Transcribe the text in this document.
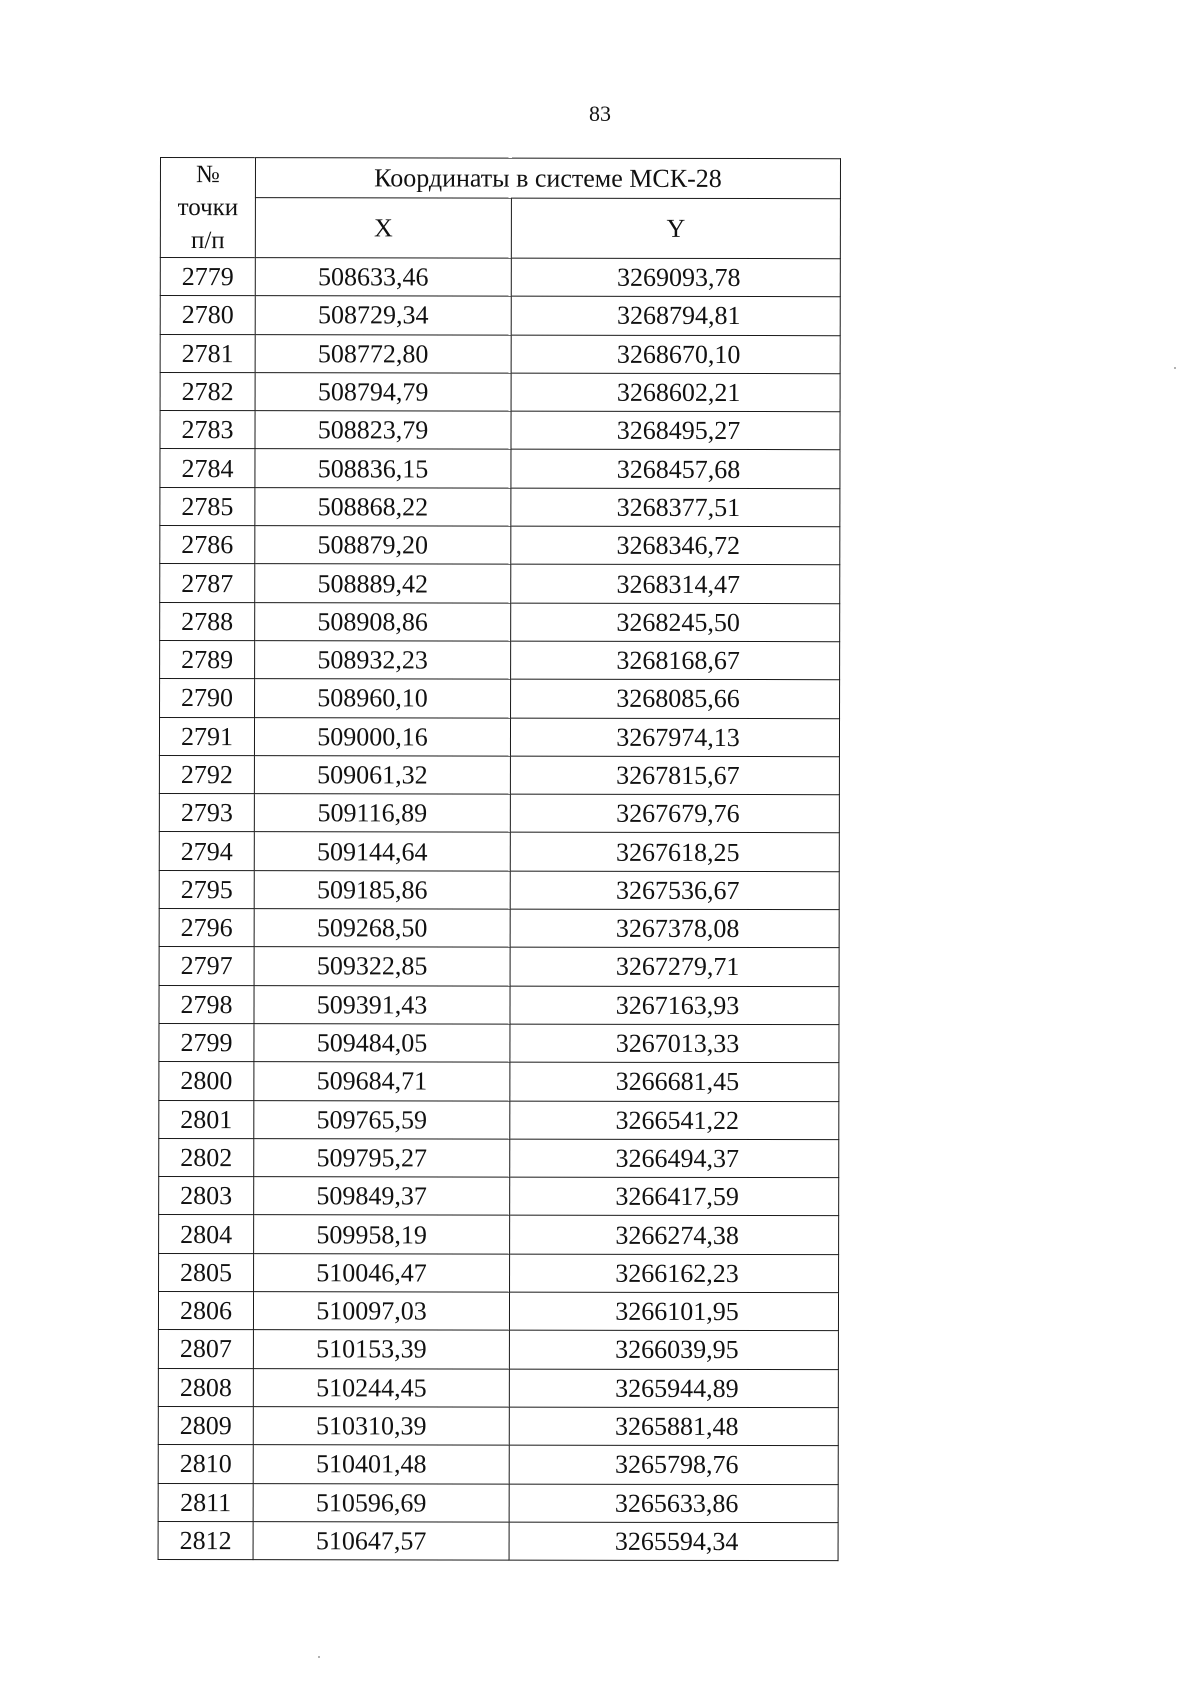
83
№
точки
п/п	Координаты в системе МСК-28	
	X	Y
2779	508633,46	3269093,78
2780	508729,34	3268794,81
2781	508772,80	3268670,10
2782	508794,79	3268602,21
2783	508823,79	3268495,27
2784	508836,15	3268457,68
2785	508868,22	3268377,51
2786	508879,20	3268346,72
2787	508889,42	3268314,47
2788	508908,86	3268245,50
2789	508932,23	3268168,67
2790	508960,10	3268085,66
2791	509000,16	3267974,13
2792	509061,32	3267815,67
2793	509116,89	3267679,76
2794	509144,64	3267618,25
2795	509185,86	3267536,67
2796	509268,50	3267378,08
2797	509322,85	3267279,71
2798	509391,43	3267163,93
2799	509484,05	3267013,33
2800	509684,71	3266681,45
2801	509765,59	3266541,22
2802	509795,27	3266494,37
2803	509849,37	3266417,59
2804	509958,19	3266274,38
2805	510046,47	3266162,23
2806	510097,03	3266101,95
2807	510153,39	3266039,95
2808	510244,45	3265944,89
2809	510310,39	3265881,48
2810	510401,48	3265798,76
2811	510596,69	3265633,86
2812	510647,57	3265594,34
